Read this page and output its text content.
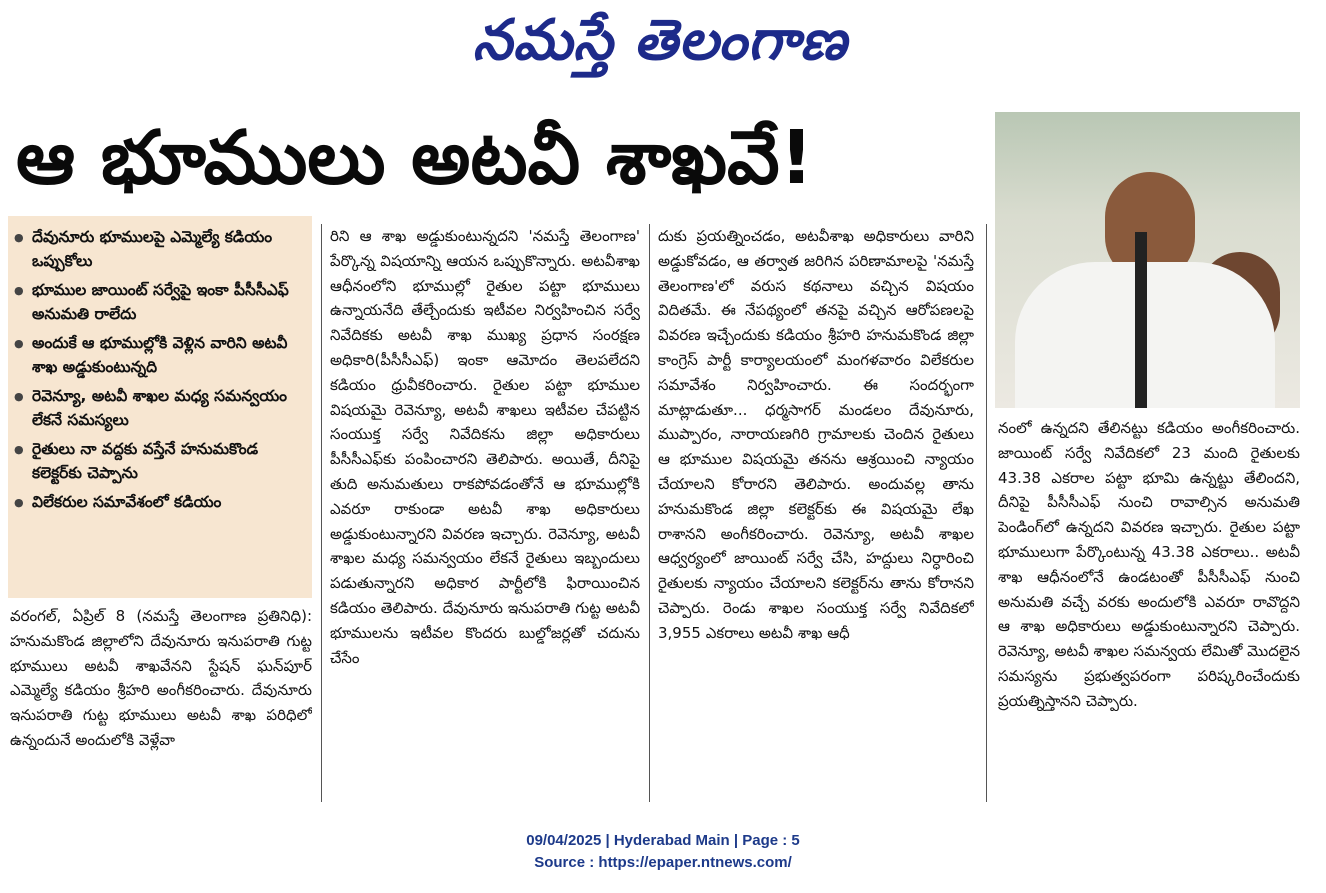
నమస్తే తెలంగాణ
ఆ భూములు అటవీ శాఖవే!
● దేవునూరు భూములపై ఎమ్మెల్యే కడియం ఒప్పుకోలు
● భూముల జాయింట్ సర్వేపై ఇంకా పీసీసీఎఫ్ అనుమతి రాలేదు
● అందుకే ఆ భూముల్లోకి వెళ్లిన వారిని అటవీ శాఖ అడ్డుకుంటున్నది
● రెవెన్యూ, అటవీ శాఖల మధ్య సమన్వయం లేకనే సమస్యలు
● రైతులు నా వద్దకు వస్తేనే హనుమకొండ కలెక్టర్‌కు చెప్పాను
● విలేకరుల సమావేశంలో కడియం
వరంగల్, ఏప్రిల్ 8 (నమస్తే తెలంగాణ ప్రతినిధి): హనుమకొండ జిల్లాలోని దేవునూరు ఇనుపరాతి గుట్ట భూములు అటవీ శాఖవేనని స్టేషన్ ఘన్‌పూర్ ఎమ్మెల్యే కడియం శ్రీహరి అంగీకరించారు. దేవునూరు ఇనుపరాతి గుట్ట భూములు అటవీ శాఖ పరిధిలో ఉన్నందునే అందులోకి వెళ్లేవా
రిని ఆ శాఖ అడ్డుకుంటున్నదని 'నమస్తే తెలంగాణ' పేర్కొన్న విషయాన్ని ఆయన ఒప్పుకొన్నారు. అటవీశాఖ ఆధీనంలోని భూముల్లో రైతుల పట్టా భూములు ఉన్నాయనేది తేల్చేందుకు ఇటీవల నిర్వహించిన సర్వే నివేదికకు అటవీ శాఖ ముఖ్య ప్రధాన సంరక్షణ అధికారి(పీసీసీఎఫ్) ఇంకా ఆమోదం తెలపలేదని కడియం ధ్రువీకరించారు. రైతుల పట్టా భూముల విషయమై రెవెన్యూ, అటవీ శాఖలు ఇటీవల చేపట్టిన సంయుక్త సర్వే నివేదికను జిల్లా అధికారులు పీసీసీఎఫ్‌కు పంపించారని తెలిపారు. అయితే, దీనిపై తుది అనుమతులు రాకపోవడంతోనే ఆ భూముల్లోకి ఎవరూ రాకుండా అటవీ శాఖ అధికారులు అడ్డుకుంటున్నారని వివరణ ఇచ్చారు. రెవెన్యూ, అటవీ శాఖల మధ్య సమన్వయం లేకనే రైతులు ఇబ్బందులు పడుతున్నారని అధికార పార్టీలోకి ఫిరాయించిన కడియం తెలిపారు. దేవునూరు ఇనుపరాతి గుట్ట అటవీ భూములను ఇటీవల కొందరు బుల్డోజర్లతో చదును చేసేం
దుకు ప్రయత్నించడం, అటవీశాఖ అధికారులు వారిని అడ్డుకోవడం, ఆ తర్వాత జరిగిన పరిణామాలపై 'నమస్తే తెలంగాణ'లో వరుస కథనాలు వచ్చిన విషయం విదితమే. ఈ నేపథ్యంలో తనపై వచ్చిన ఆరోపణలపై వివరణ ఇచ్చేందుకు కడియం శ్రీహరి హనుమకొండ జిల్లా కాంగ్రెస్ పార్టీ కార్యాలయంలో మంగళవారం విలేకరుల సమావేశం నిర్వహించారు. ఈ సందర్భంగా మాట్లాడుతూ... ధర్మసాగర్ మండలం దేవునూరు, ముప్పారం, నారాయణగిరి గ్రామాలకు చెందిన రైతులు ఆ భూముల విషయమై తనను ఆశ్రయించి న్యాయం చేయాలని కోరారని తెలిపారు. అందువల్ల తాను హనుమకొండ జిల్లా కలెక్టర్‌కు ఈ విషయమై లేఖ రాశానని అంగీకరించారు. రెవెన్యూ, అటవీ శాఖల ఆధ్వర్యంలో జాయింట్ సర్వే చేసి, హద్దులు నిర్ధారించి రైతులకు న్యాయం చేయాలని కలెక్టర్‌ను తాను కోరానని చెప్పారు. రెండు శాఖల సంయుక్త సర్వే నివేదికలో 3,955 ఎకరాలు అటవీ శాఖ ఆధీ
నంలో ఉన్నదని తేలినట్టు కడియం అంగీకరించారు. జాయింట్ సర్వే నివేదికలో 23 మంది రైతులకు 43.38 ఎకరాల పట్టా భూమి ఉన్నట్టు తేలిందని, దీనిపై పీసీసీఎఫ్ నుంచి రావాల్సిన అనుమతి పెండింగ్‌లో ఉన్నదని వివరణ ఇచ్చారు. రైతుల పట్టా భూములుగా పేర్కొంటున్న 43.38 ఎకరాలు.. అటవీ శాఖ ఆధీనంలోనే ఉండటంతో పీసీసీఎఫ్ నుంచి అనుమతి వచ్చే వరకు అందులోకి ఎవరూ రావొద్దని ఆ శాఖ అధికారులు అడ్డుకుంటున్నారని చెప్పారు. రెవెన్యూ, అటవీ శాఖల సమన్వయ లేమితో మొదలైన సమస్యను ప్రభుత్వపరంగా పరిష్కరించేందుకు ప్రయత్నిస్తానని చెప్పారు.
09/04/2025 | Hyderabad Main | Page : 5
Source : https://epaper.ntnews.com/
